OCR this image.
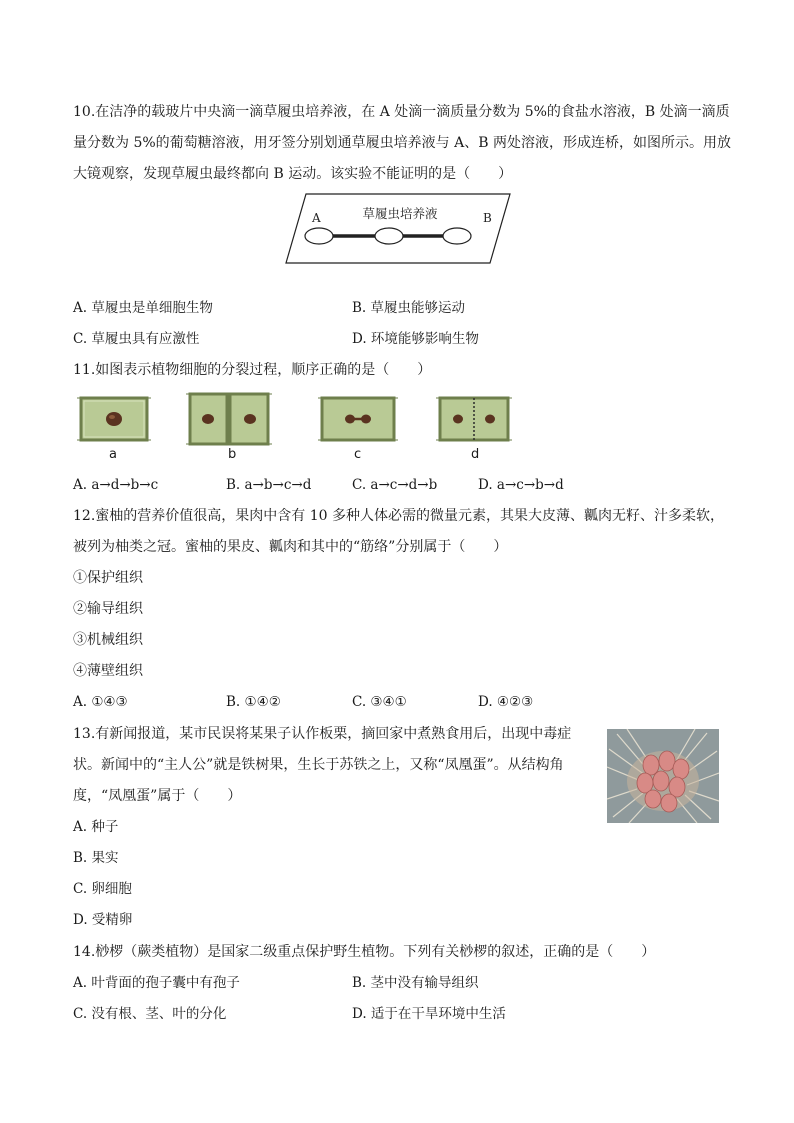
10.在洁净的载玻片中央滴一滴草履虫培养液，在 A 处滴一滴质量分数为 5%的食盐水溶液，B 处滴一滴质
量分数为 5%的葡萄糖溶液，用牙签分别划通草履虫培养液与 A、B 两处溶液，形成连桥，如图所示。用放
大镜观察，发现草履虫最终都向 B 运动。该实验不能证明的是（　　）
草履虫培养液
A	B
A. 草履虫是单细胞生物	B. 草履虫能够运动
C. 草履虫具有应激性	D. 环境能够影响生物
11.如图表示植物细胞的分裂过程，顺序正确的是（　　）
a	b	c	d
A. a→d→b→c	B. a→b→c→d	C. a→c→d→b	D. a→c→b→d
12.蜜柚的营养价值很高，果肉中含有 10 多种人体必需的微量元素，其果大皮薄、瓤肉无籽、汁多柔软，
被列为柚类之冠。蜜柚的果皮、瓤肉和其中的“筋络”分别属于（　　）
①保护组织
②输导组织
③机械组织
④薄壁组织
A. ①④③	B. ①④②	C. ③④①	D. ④②③
13.有新闻报道，某市民误将某果子认作板栗，摘回家中煮熟食用后，出现中毒症
状。新闻中的“主人公”就是铁树果，生长于苏铁之上，又称“凤凰蛋”。从结构角
度，“凤凰蛋”属于（　　）
A. 种子
B. 果实
C. 卵细胞
D. 受精卵
14.桫椤（蕨类植物）是国家二级重点保护野生植物。下列有关桫椤的叙述，正确的是（　　）
A. 叶背面的孢子囊中有孢子	B. 茎中没有输导组织
C. 没有根、茎、叶的分化	D. 适于在干旱环境中生活
